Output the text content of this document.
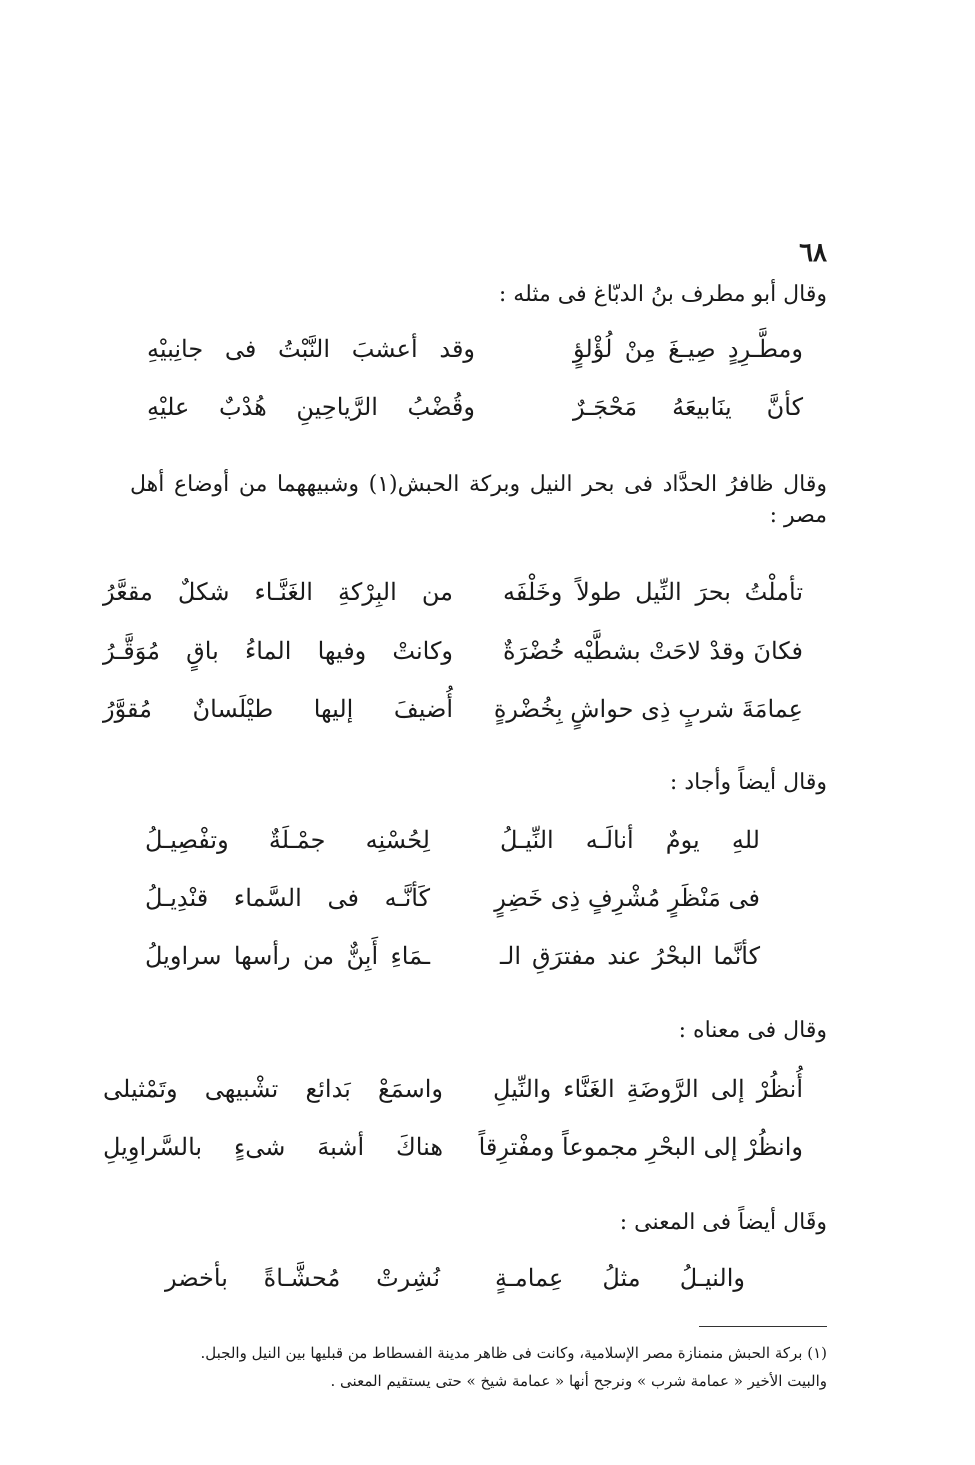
٦٨
وقال أبو مطرف بنُ الدبّاغ فى مثله :
ومطَّـرِدٍ صِيـغَ مِنْ لُؤْلؤٍ
وقد أعشبَ النَّبْتُ فى جانِبيْهِ
كأنَّ ينَابيعَهُ مَحْجَـرٌ
وقُضْبُ الرَّياحِينِ هُدْبٌ عليْهِ
وقال ظافرُ الحدَّاد فى بحر النيل وبركة الحبش(١) وشبيههما من أوضاع أهل مصر :
تأملْتُ بحرَ النِّيل طولاً وخَلْفَه
من البِرْكةِ الغَنَّـاء شكلٌ مقعَّرُ
فكانَ وقدْ لاحَتْ بشطَّيْه خُضْرَةٌ
وكانتْ وفيها الماءُ باقٍ مُوَقَّـرُ
عِمامَةَ شربٍ ذِى حواشٍ بِخُضْرةٍ
أُضيفَ إليها طيْلَسانٌ مُقوَّرُ
وقال أيضاً وأجاد :
للهِ يومٌ أنالَـه النِّيـلُ
لِحُسْنِه جمْـلَةٌ وتفْصِيـلُ
فى مَنْظَرٍ مُشْرِفٍ ذِى خَضِرٍ
كَأنَّـه فى السَّماء قنْدِيـلُ
كأنَّما البحْرُ عند مفترَقِ الـ
ـمَاءِ أَبِنٌّ من رأسها سراويلُ
وقال فى معناه :
أُنظُرْ إلى الرَّوضَةِ الغَنَّاء والنِّيلِ
واسمَعْ بَدائع تشْبيهى وتَمْثيلى
وانظُرْ إلى البحْرِ مجموعاً ومفْترِقاً
هناكَ أشبهَ شىءٍ بالسَّراوِيلِ
وقَال أيضاً فى المعنى :
والنيـلُ مثلُ عِمامـةٍ
نُشِرتْ مُحشَّـاةً بأخضر
(١) بركة الحبش منمنازة مصر الإسلامية، وكانت فى ظاهر مدينة الفسطاط من قبليها بين النيل والجبل.
والبيت الأخير « عمامة شرب » ونرجح أنها « عمامة شيخ » حتى يستقيم المعنى .
